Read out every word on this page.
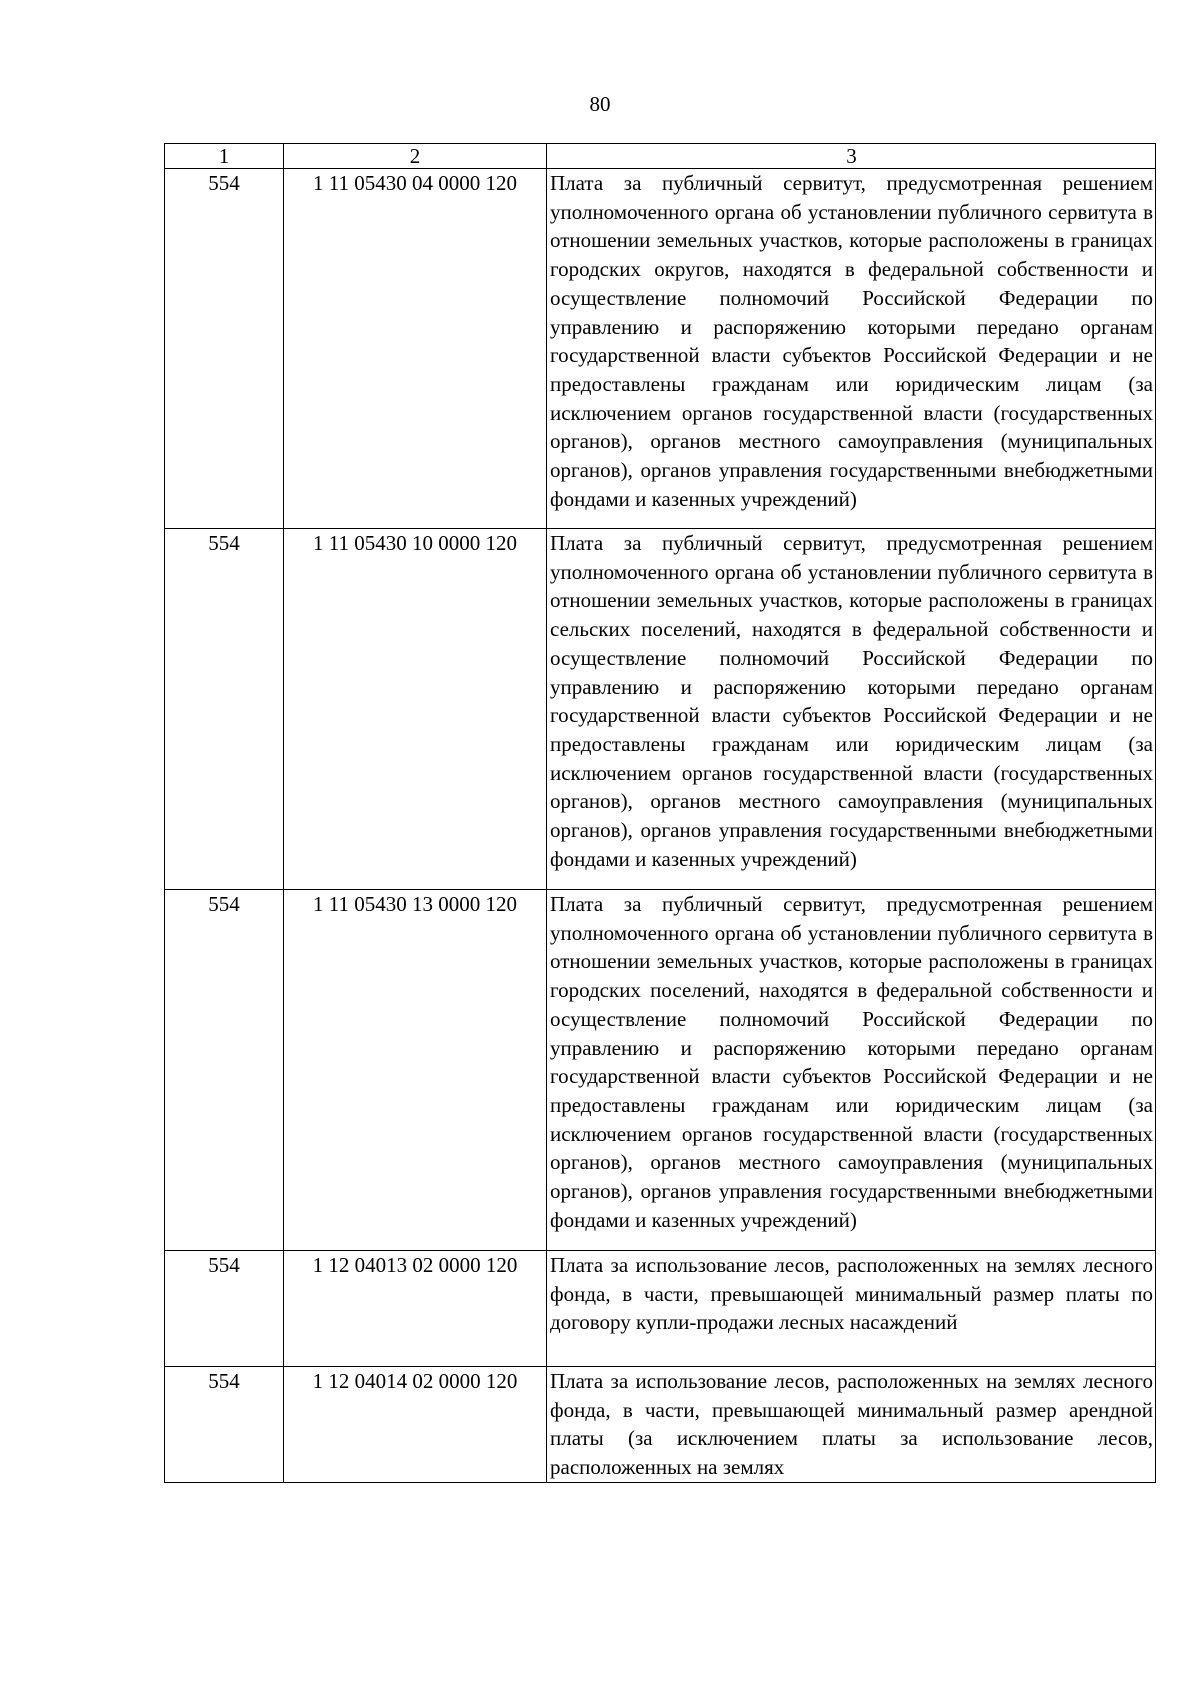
80
1	2	3

554	1 11 05430 04 0000 120	Плата за публичный сервитут, предусмотренная решением уполномоченного органа об установлении публичного сервитута в отношении земельных участков, которые расположены в границах городских округов, находятся в федеральной собственности и осуществление полномочий Российской Федерации по управлению и распоряжению которыми передано органам государственной власти субъектов Российской Федерации и не предоставлены гражданам или юридическим лицам (за исключением органов государственной власти (государственных органов), органов местного самоуправления (муниципальных органов), органов управления государственными внебюджетными фондами и казенных учреждений)

554	1 11 05430 10 0000 120	Плата за публичный сервитут, предусмотренная решением уполномоченного органа об установлении публичного сервитута в отношении земельных участков, которые расположены в границах сельских поселений, находятся в федеральной собственности и осуществление полномочий Российской Федерации по управлению и распоряжению которыми передано органам государственной власти субъектов Российской Федерации и не предоставлены гражданам или юридическим лицам (за исключением органов государственной власти (государственных органов), органов местного самоуправления (муниципальных органов), органов управления государственными внебюджетными фондами и казенных учреждений)

554	1 11 05430 13 0000 120	Плата за публичный сервитут, предусмотренная решением уполномоченного органа об установлении публичного сервитута в отношении земельных участков, которые расположены в границах городских поселений, находятся в федеральной собственности и осуществление полномочий Российской Федерации по управлению и распоряжению которыми передано органам государственной власти субъектов Российской Федерации и не предоставлены гражданам или юридическим лицам (за исключением органов государственной власти (государственных органов), органов местного самоуправления (муниципальных органов), органов управления государственными внебюджетными фондами и казенных учреждений)

554	1 12 04013 02 0000 120	Плата за использование лесов, расположенных на землях лесного фонда, в части, превышающей минимальный размер платы по договору купли-продажи лесных насаждений

554	1 12 04014 02 0000 120	Плата за использование лесов, расположенных на землях лесного фонда, в части, превышающей минимальный размер арендной платы (за исключением платы за использование лесов, расположенных на землях
